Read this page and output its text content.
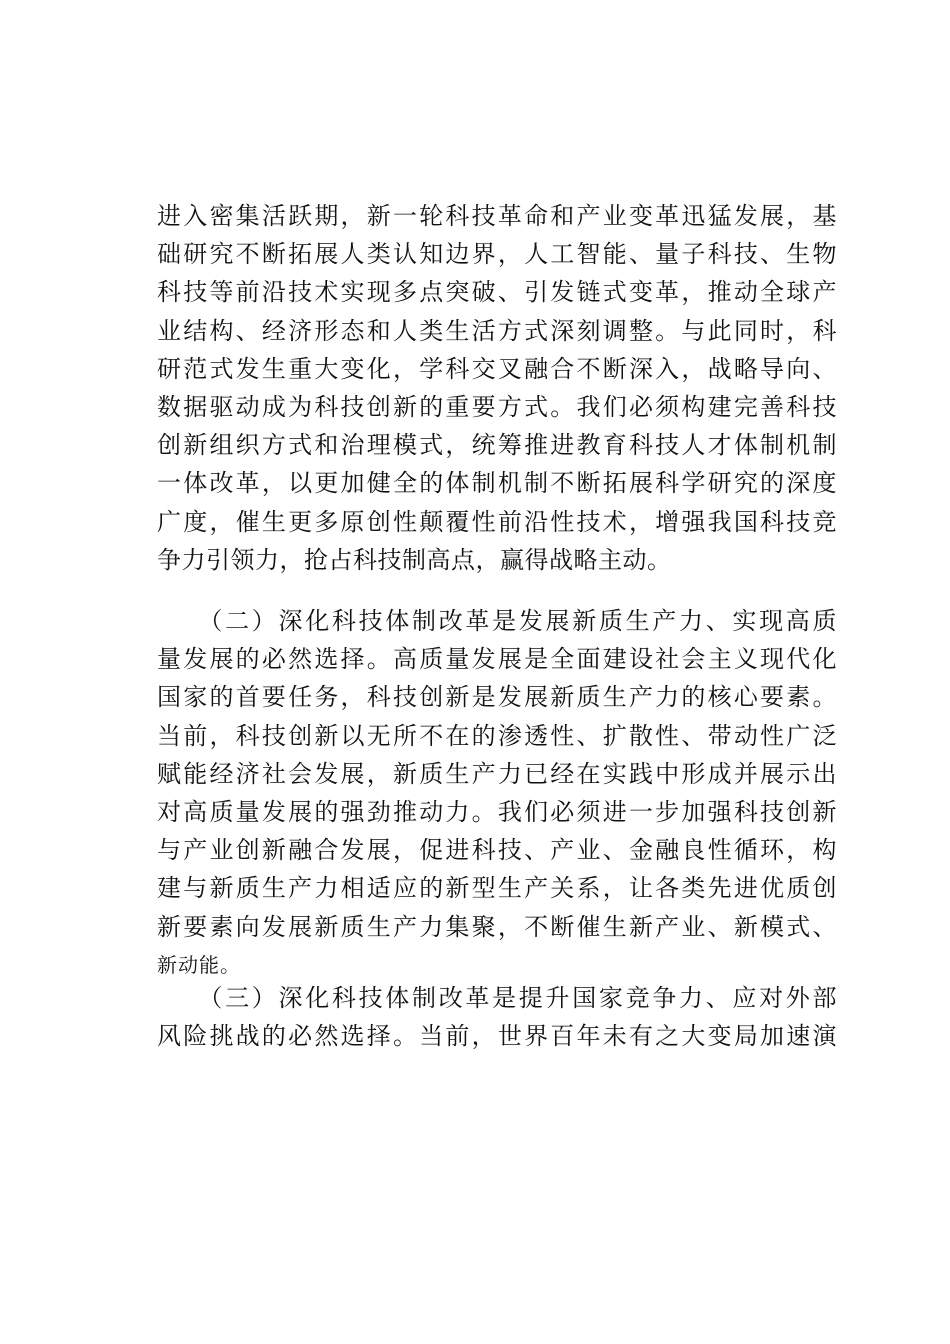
进入密集活跃期，新一轮科技革命和产业变革迅猛发展，基
础研究不断拓展人类认知边界，人工智能、量子科技、生物
科技等前沿技术实现多点突破、引发链式变革，推动全球产
业结构、经济形态和人类生活方式深刻调整。与此同时，科
研范式发生重大变化，学科交叉融合不断深入，战略导向、
数据驱动成为科技创新的重要方式。我们必须构建完善科技
创新组织方式和治理模式，统筹推进教育科技人才体制机制
一体改革，以更加健全的体制机制不断拓展科学研究的深度
广度，催生更多原创性颠覆性前沿性技术，增强我国科技竞
争力引领力，抢占科技制高点，赢得战略主动。
　　（二）深化科技体制改革是发展新质生产力、实现高质
量发展的必然选择。高质量发展是全面建设社会主义现代化
国家的首要任务，科技创新是发展新质生产力的核心要素。
当前，科技创新以无所不在的渗透性、扩散性、带动性广泛
赋能经济社会发展，新质生产力已经在实践中形成并展示出
对高质量发展的强劲推动力。我们必须进一步加强科技创新
与产业创新融合发展，促进科技、产业、金融良性循环，构
建与新质生产力相适应的新型生产关系，让各类先进优质创
新要素向发展新质生产力集聚，不断催生新产业、新模式、
新动能。
　　（三）深化科技体制改革是提升国家竞争力、应对外部
风险挑战的必然选择。当前，世界百年未有之大变局加速演
